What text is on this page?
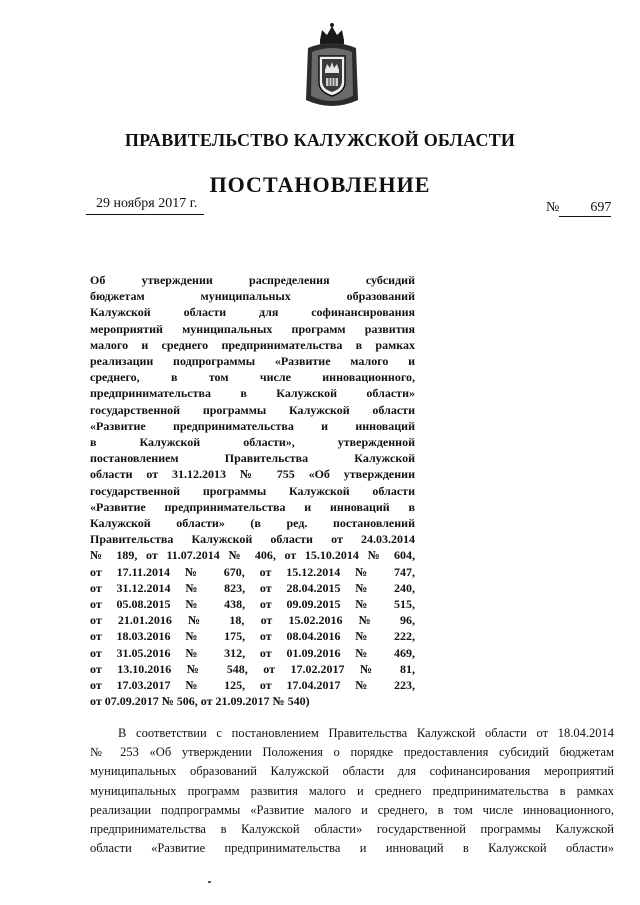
ПРАВИТЕЛЬСТВО КАЛУЖСКОЙ ОБЛАСТИ
ПОСТАНОВЛЕНИЕ
29 ноября 2017 г.	№ 697
Об утверждении распределения субсидий
бюджетам муниципальных образований
Калужской области для софинансирования
мероприятий муниципальных программ развития
малого и среднего предпринимательства в рамках
реализации подпрограммы «Развитие малого и
среднего, в том числе инновационного,
предпринимательства в Калужской области»
государственной программы Калужской области
«Развитие предпринимательства и инноваций
в Калужской области», утвержденной
постановлением Правительства Калужской
области от 31.12.2013 № 755 «Об утверждении
государственной программы Калужской области
«Развитие предпринимательства и инноваций в
Калужской области» (в ред. постановлений
Правительства Калужской области от 24.03.2014
№ 189, от 11.07.2014 № 406, от 15.10.2014 № 604,
от 17.11.2014 № 670, от 15.12.2014 № 747,
от 31.12.2014 № 823, от 28.04.2015 № 240,
от 05.08.2015 № 438, от 09.09.2015 № 515,
от 21.01.2016 № 18, от 15.02.2016 № 96,
от 18.03.2016 № 175, от 08.04.2016 № 222,
от 31.05.2016 № 312, от 01.09.2016 № 469,
от 13.10.2016 № 548, от 17.02.2017 № 81,
от 17.03.2017 № 125, от 17.04.2017 № 223,
от 07.09.2017 № 506, от 21.09.2017 № 540)
В соответствии с постановлением Правительства Калужской области от 18.04.2014
№ 253 «Об утверждении Положения о порядке предоставления субсидий бюджетам
муниципальных образований Калужской области для софинансирования мероприятий
муниципальных программ развития малого и среднего предпринимательства в рамках
реализации подпрограммы «Развитие малого и среднего, в том числе инновационного,
предпринимательства в Калужской области» государственной программы Калужской
области «Развитие предпринимательства и инноваций в Калужской области»
